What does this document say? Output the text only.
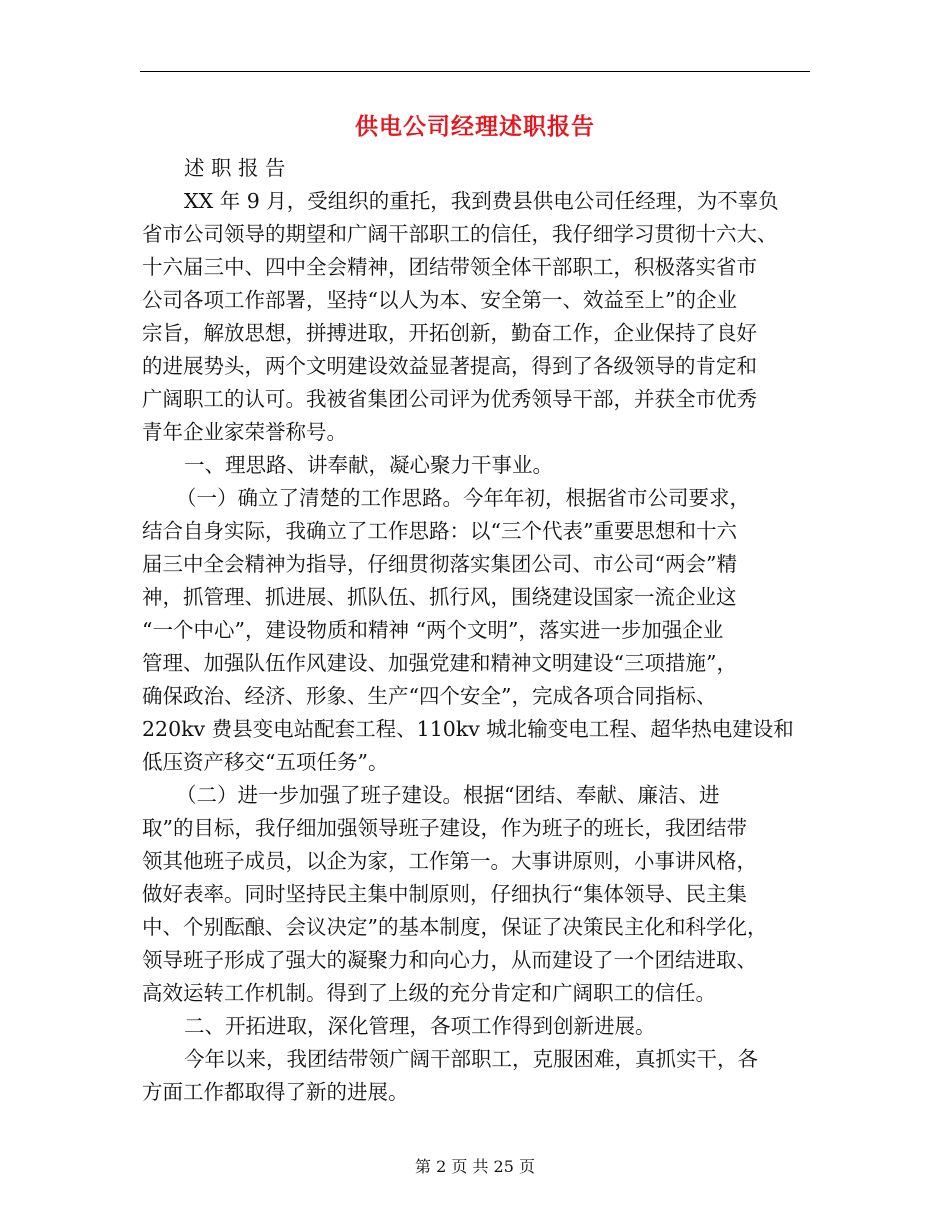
供电公司经理述职报告
述 职 报 告
XX 年 9 月，受组织的重托，我到费县供电公司任经理，为不辜负
省市公司领导的期望和广阔干部职工的信任，我仔细学习贯彻十六大、
十六届三中、四中全会精神，团结带领全体干部职工，积极落实省市
公司各项工作部署，坚持“以人为本、安全第一、效益至上”的企业
宗旨，解放思想，拼搏进取，开拓创新，勤奋工作，企业保持了良好
的进展势头，两个文明建设效益显著提高，得到了各级领导的肯定和
广阔职工的认可。我被省集团公司评为优秀领导干部，并获全市优秀
青年企业家荣誉称号。
一、理思路、讲奉献，凝心聚力干事业。
（一）确立了清楚的工作思路。今年年初，根据省市公司要求，
结合自身实际，我确立了工作思路：以“三个代表”重要思想和十六
届三中全会精神为指导，仔细贯彻落实集团公司、市公司“两会”精
神，抓管理、抓进展、抓队伍、抓行风，围绕建设国家一流企业这
“一个中心”，建设物质和精神 “两个文明”，落实进一步加强企业
管理、加强队伍作风建设、加强党建和精神文明建设“三项措施”，
确保政治、经济、形象、生产“四个安全”，完成各项合同指标、
220kv 费县变电站配套工程、110kv 城北输变电工程、超华热电建设和
低压资产移交“五项任务”。
（二）进一步加强了班子建设。根据“团结、奉献、廉洁、进
取”的目标，我仔细加强领导班子建设，作为班子的班长，我团结带
领其他班子成员，以企为家，工作第一。大事讲原则，小事讲风格，
做好表率。同时坚持民主集中制原则，仔细执行“集体领导、民主集
中、个别酝酿、会议决定”的基本制度，保证了决策民主化和科学化，
领导班子形成了强大的凝聚力和向心力，从而建设了一个团结进取、
高效运转工作机制。得到了上级的充分肯定和广阔职工的信任。
二、开拓进取，深化管理，各项工作得到创新进展。
今年以来，我团结带领广阔干部职工，克服困难，真抓实干，各
方面工作都取得了新的进展。
第 2 页 共 25 页
